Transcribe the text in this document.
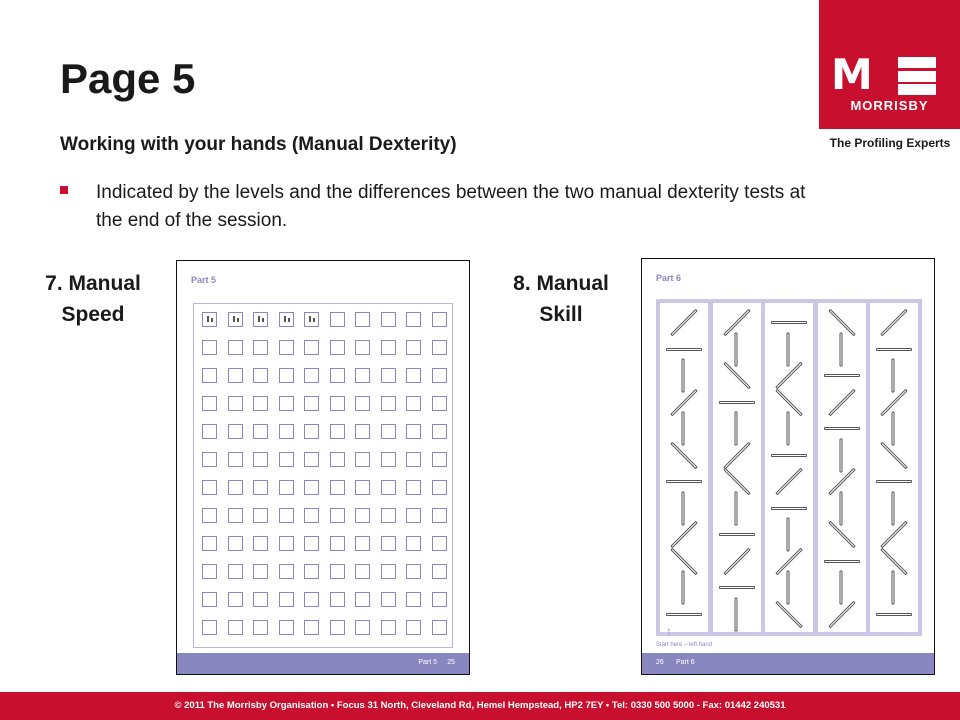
M
MORRISBY
The Profiling Experts
Page 5
Working with your hands (Manual Dexterity)
Indicated by the levels and the differences between the two manual dexterity tests at the end of the session.
7. Manual Speed
8. Manual Skill
Part 5
Part 5 25
Part 6
↑
Start here – left hand
26 Part 6
© 2011 The Morrisby Organisation • Focus 31 North, Cleveland Rd, Hemel Hempstead, HP2 7EY • Tel: 0330 500 5000 - Fax: 01442 240531
